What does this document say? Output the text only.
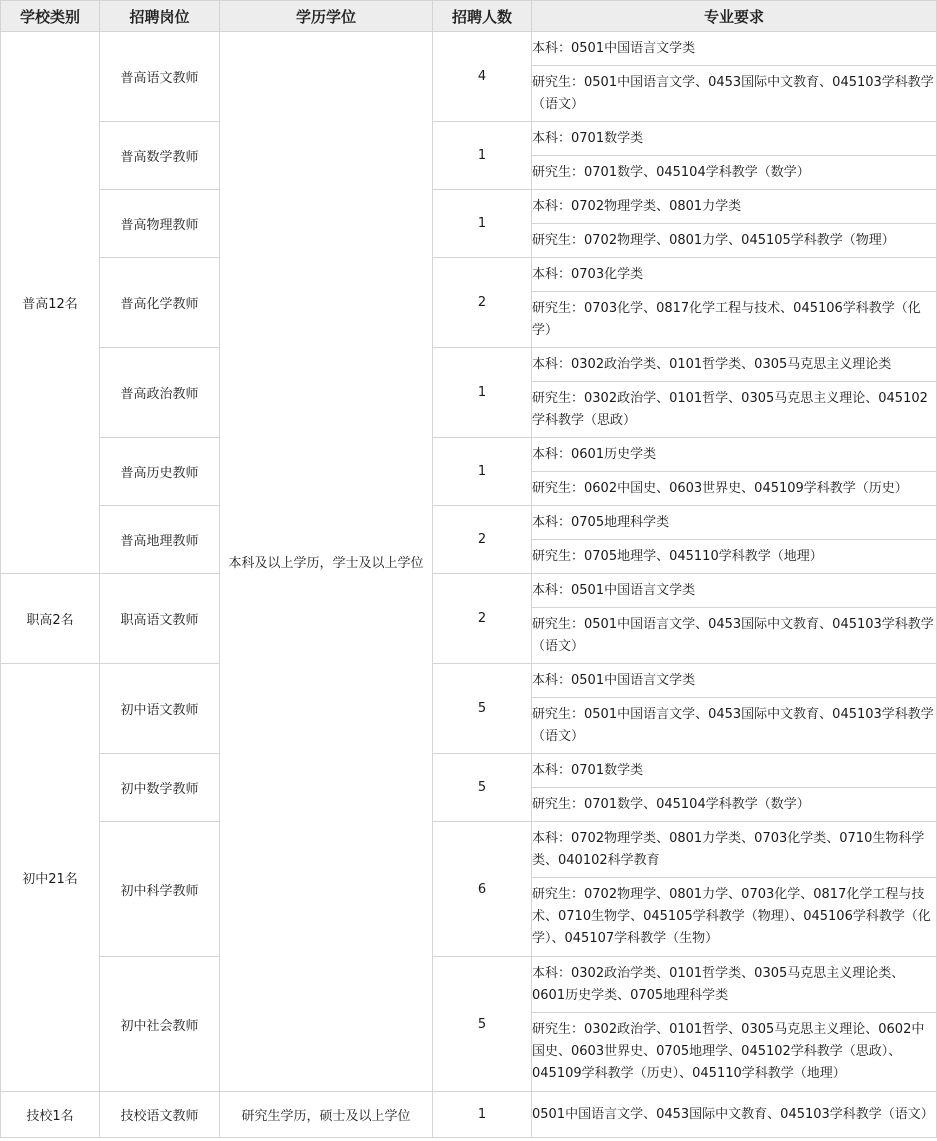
学校类别	招聘岗位	学历学位	招聘人数	专业要求
普高12名	普高语文教师	本科及以上学历，学士及以上学位	4	本科：0501中国语言文学类
				研究生：0501中国语言文学、0453国际中文教育、045103学科教学（语文）
	普高数学教师		1	本科：0701数学类
				研究生：0701数学、045104学科教学（数学）
	普高物理教师		1	本科：0702物理学类、0801力学类
				研究生：0702物理学、0801力学、045105学科教学（物理）
	普高化学教师		2	本科：0703化学类
				研究生：0703化学、0817化学工程与技术、045106学科教学（化学）
	普高政治教师		1	本科：0302政治学类、0101哲学类、0305马克思主义理论类
				研究生：0302政治学、0101哲学、0305马克思主义理论、045102学科教学（思政）
	普高历史教师		1	本科：0601历史学类
				研究生：0602中国史、0603世界史、045109学科教学（历史）
	普高地理教师		2	本科：0705地理科学类
				研究生：0705地理学、045110学科教学（地理）
职高2名	职高语文教师		2	本科：0501中国语言文学类
				研究生：0501中国语言文学、0453国际中文教育、045103学科教学（语文）
初中21名	初中语文教师		5	本科：0501中国语言文学类
				研究生：0501中国语言文学、0453国际中文教育、045103学科教学（语文）
	初中数学教师		5	本科：0701数学类
				研究生：0701数学、045104学科教学（数学）
	初中科学教师		6	本科：0702物理学类、0801力学类、0703化学类、0710生物科学类、040102科学教育
				研究生：0702物理学、0801力学、0703化学、0817化学工程与技术、0710生物学、045105学科教学（物理）、045106学科教学（化学）、045107学科教学（生物）
	初中社会教师		5	本科：0302政治学类、0101哲学类、0305马克思主义理论类、0601历史学类、0705地理科学类
				研究生：0302政治学、0101哲学、0305马克思主义理论、0602中国史、0603世界史、0705地理学、045102学科教学（思政）、045109学科教学（历史）、045110学科教学（地理）
技校1名	技校语文教师	研究生学历，硕士及以上学位	1	0501中国语言文学、0453国际中文教育、045103学科教学（语文）
